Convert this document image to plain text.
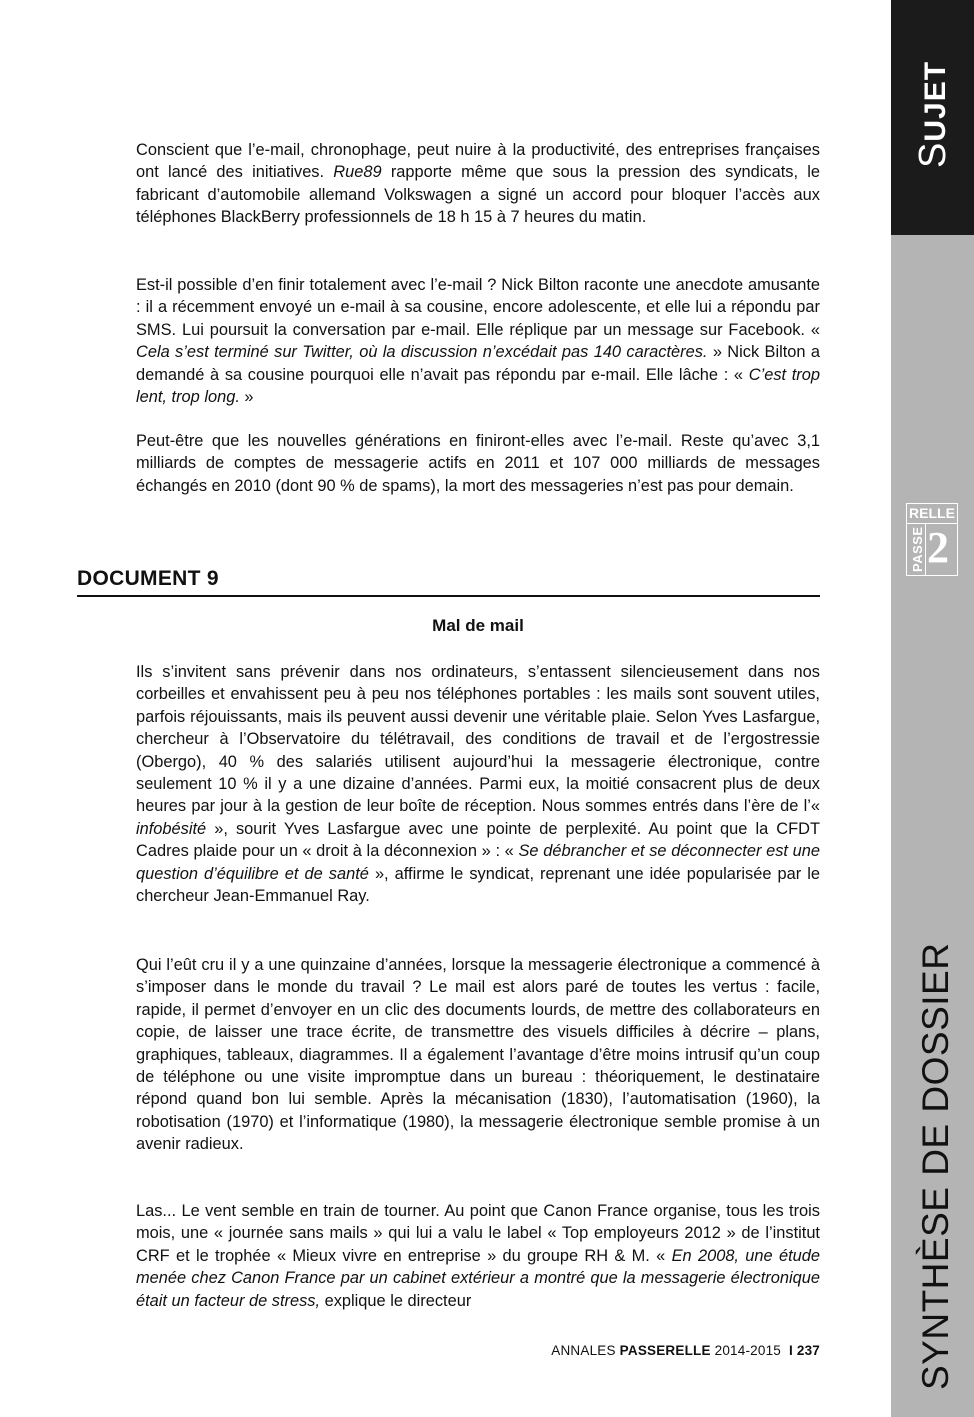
Conscient que l’e-mail, chronophage, peut nuire à la productivité, des entreprises françaises ont lancé des initiatives. Rue89 rapporte même que sous la pression des syndicats, le fabricant d’automobile allemand Volkswagen a signé un accord pour bloquer l’accès aux téléphones BlackBerry professionnels de 18 h 15 à 7 heures du matin.

Est-il possible d’en finir totalement avec l’e-mail ? Nick Bilton raconte une anecdote amusante : il a récemment envoyé un e-mail à sa cousine, encore adolescente, et elle lui a répondu par SMS. Lui poursuit la conversation par e-mail. Elle réplique par un message sur Facebook. « Cela s’est terminé sur Twitter, où la discussion n’excédait pas 140 caractères. » Nick Bilton a demandé à sa cousine pourquoi elle n’avait pas répondu par e-mail. Elle lâche : « C’est trop lent, trop long. »

Peut-être que les nouvelles générations en finiront-elles avec l’e-mail. Reste qu’avec 3,1 milliards de comptes de messagerie actifs en 2011 et 107 000 milliards de messages échangés en 2010 (dont 90 % de spams), la mort des messageries n’est pas pour demain.

DOCUMENT 9
Mal de mail

Ils s’invitent sans prévenir dans nos ordinateurs, s’entassent silencieusement dans nos corbeilles et envahissent peu à peu nos téléphones portables : les mails sont souvent utiles, parfois réjouissants, mais ils peuvent aussi devenir une véritable plaie. Selon Yves Lasfargue, chercheur à l’Observatoire du télétravail, des conditions de travail et de l’ergostressie (Obergo), 40 % des salariés utilisent aujourd’hui la messagerie électronique, contre seulement 10 % il y a une dizaine d’années. Parmi eux, la moitié consacrent plus de deux heures par jour à la gestion de leur boîte de réception. Nous sommes entrés dans l’ère de l’« infobésité », sourit Yves Lasfargue avec une pointe de perplexité. Au point que la CFDT Cadres plaide pour un « droit à la déconnexion » : « Se débrancher et se déconnecter est une question d’équilibre et de santé », affirme le syndicat, reprenant une idée popularisée par le chercheur Jean-Emmanuel Ray.

Qui l’eût cru il y a une quinzaine d’années, lorsque la messagerie électronique a commencé à s’imposer dans le monde du travail ? Le mail est alors paré de toutes les vertus : facile, rapide, il permet d’envoyer en un clic des documents lourds, de mettre des collaborateurs en copie, de laisser une trace écrite, de transmettre des visuels difficiles à décrire – plans, graphiques, tableaux, diagrammes. Il a également l’avantage d’être moins intrusif qu’un coup de téléphone ou une visite impromptue dans un bureau : théoriquement, le destinataire répond quand bon lui semble. Après la mécanisation (1830), l’automatisation (1960), la robotisation (1970) et l’informatique (1980), la messagerie électronique semble promise à un avenir radieux.

Las... Le vent semble en train de tourner. Au point que Canon France organise, tous les trois mois, une « journée sans mails » qui lui a valu le label « Top employeurs 2012 » de l’institut CRF et le trophée « Mieux vivre en entreprise » du groupe RH & M. « En 2008, une étude menée chez Canon France par un cabinet extérieur a montré que la messagerie électronique était un facteur de stress, explique le directeur

ANNALES PASSERELLE 2014-2015 I 237
SUJET
RELLE
PASSE 2
SYNTHÈSE DE DOSSIER
